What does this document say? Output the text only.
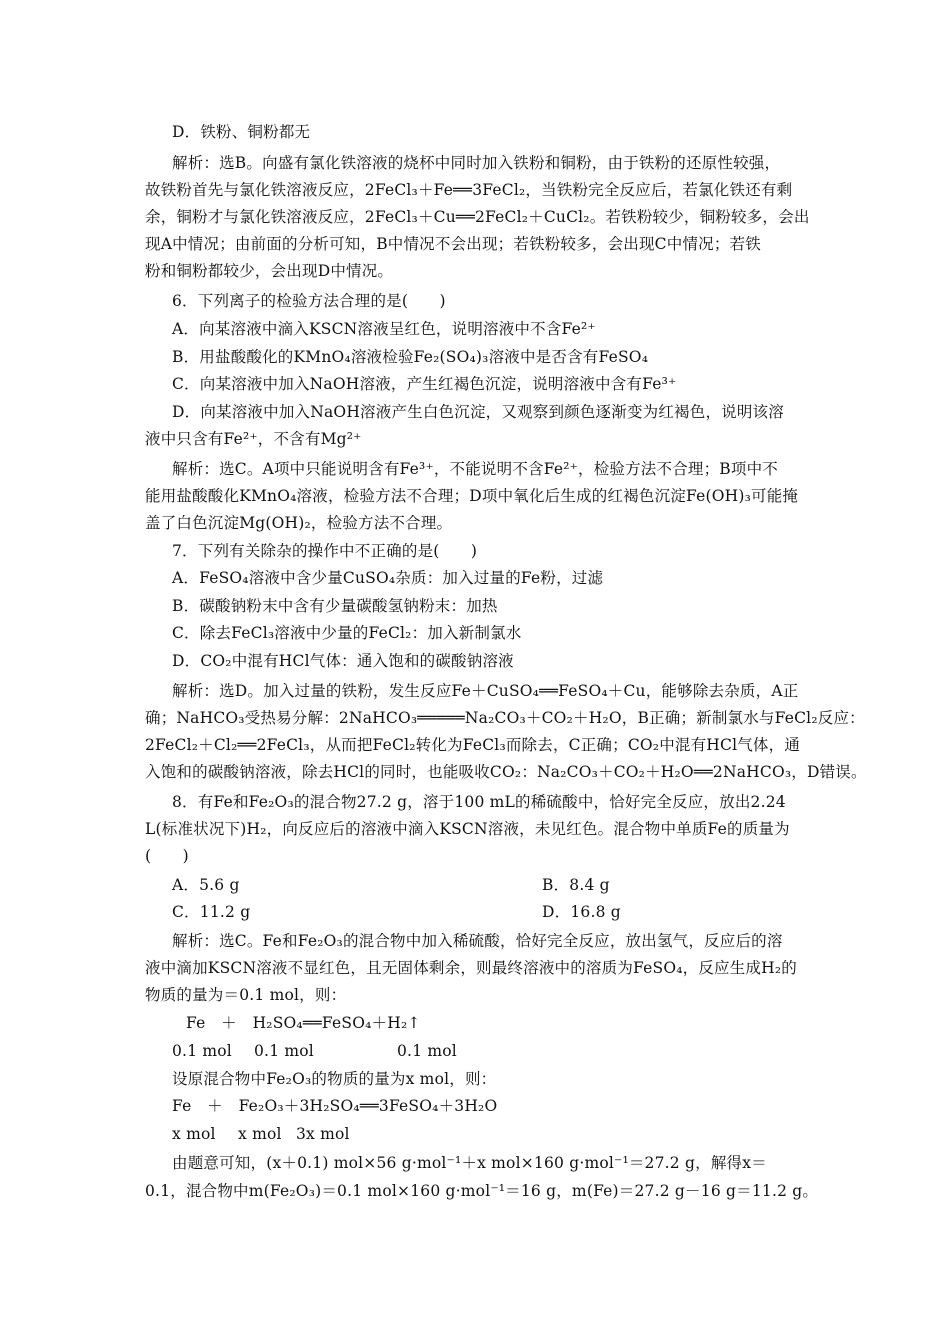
D．铁粉、铜粉都无
解析：选B。向盛有氯化铁溶液的烧杯中同时加入铁粉和铜粉，由于铁粉的还原性较强，
故铁粉首先与氯化铁溶液反应，2FeCl₃＋Fe══3FeCl₂，当铁粉完全反应后，若氯化铁还有剩
余，铜粉才与氯化铁溶液反应，2FeCl₃＋Cu══2FeCl₂＋CuCl₂。若铁粉较少，铜粉较多，会出
现A中情况；由前面的分析可知，B中情况不会出现；若铁粉较多，会出现C中情况；若铁
粉和铜粉都较少，会出现D中情况。
6．下列离子的检验方法合理的是(　　)
A．向某溶液中滴入KSCN溶液呈红色，说明溶液中不含Fe²⁺
B．用盐酸酸化的KMnO₄溶液检验Fe₂(SO₄)₃溶液中是否含有FeSO₄
C．向某溶液中加入NaOH溶液，产生红褐色沉淀，说明溶液中含有Fe³⁺
D．向某溶液中加入NaOH溶液产生白色沉淀，又观察到颜色逐渐变为红褐色，说明该溶
液中只含有Fe²⁺，不含有Mg²⁺
解析：选C。A项中只能说明含有Fe³⁺，不能说明不含Fe²⁺，检验方法不合理；B项中不
能用盐酸酸化KMnO₄溶液，检验方法不合理；D项中氧化后生成的红褐色沉淀Fe(OH)₃可能掩
盖了白色沉淀Mg(OH)₂，检验方法不合理。
7．下列有关除杂的操作中不正确的是(　　)
A．FeSO₄溶液中含少量CuSO₄杂质：加入过量的Fe粉，过滤
B．碳酸钠粉末中含有少量碳酸氢钠粉末：加热
C．除去FeCl₃溶液中少量的FeCl₂：加入新制氯水
D．CO₂中混有HCl气体：通入饱和的碳酸钠溶液
解析：选D。加入过量的铁粉，发生反应Fe＋CuSO₄══FeSO₄＋Cu，能够除去杂质，A正
确；NaHCO₃受热易分解：2NaHCO₃═════Na₂CO₃＋CO₂＋H₂O，B正确；新制氯水与FeCl₂反应：
2FeCl₂＋Cl₂══2FeCl₃，从而把FeCl₂转化为FeCl₃而除去，C正确；CO₂中混有HCl气体，通
入饱和的碳酸钠溶液，除去HCl的同时，也能吸收CO₂：Na₂CO₃＋CO₂＋H₂O══2NaHCO₃，D错误。
8．有Fe和Fe₂O₃的混合物27.2 g，溶于100 mL的稀硫酸中，恰好完全反应，放出2.24
L(标准状况下)H₂，向反应后的溶液中滴入KSCN溶液，未见红色。混合物中单质Fe的质量为
(　　)
A．5.6 g	B．8.4 g
C．11.2 g	D．16.8 g
解析：选C。Fe和Fe₂O₃的混合物中加入稀硫酸，恰好完全反应，放出氢气，反应后的溶
液中滴加KSCN溶液不显红色，且无固体剩余，则最终溶液中的溶质为FeSO₄，反应生成H₂的
物质的量为＝0.1 mol，则：
Fe　＋　H₂SO₄══FeSO₄＋H₂↑
0.1 mol	0.1 mol	0.1 mol
设原混合物中Fe₂O₃的物质的量为x mol，则：
Fe　＋　Fe₂O₃＋3H₂SO₄══3FeSO₄＋3H₂O
x mol	x mol 3x mol
由题意可知，(x＋0.1) mol×56 g·mol⁻¹＋x mol×160 g·mol⁻¹＝27.2 g，解得x＝
0.1，混合物中m(Fe₂O₃)＝0.1 mol×160 g·mol⁻¹＝16 g，m(Fe)＝27.2 g－16 g＝11.2 g。
